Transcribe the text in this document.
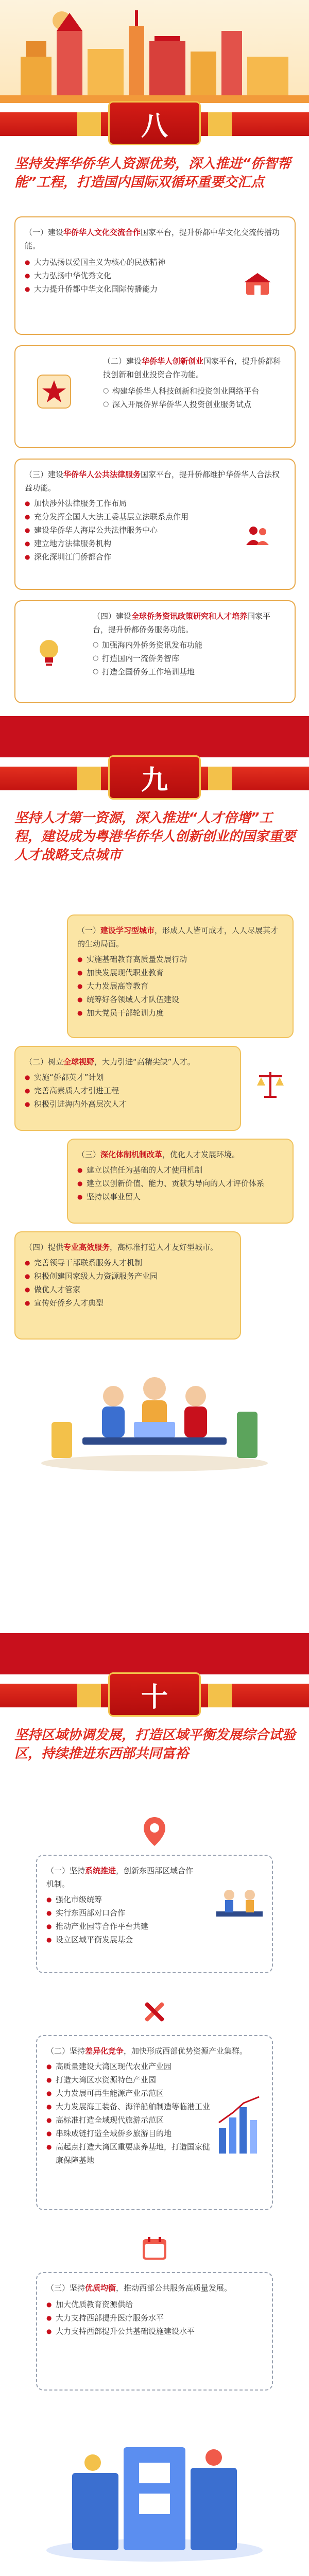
八
坚持发挥华侨华人资源优势，深入推进“侨智帮能”工程，打造国内国际双循环重要交汇点

（一）建设华侨华人文化交流合作国家平台，提升侨都中华文化交流传播功能。

● 大力弘扬以爱国主义为核心的民族精神
● 大力弘扬中华优秀文化
● 大力提升侨都中华文化国际传播能力

（二）建设华侨华人创新创业国家平台，提升侨都科技创新和创业投资合作功能。

○ 构建华侨华人科技创新和投资创业网络平台
○ 深入开展侨界华侨华人投资创业服务试点

（三）建设华侨华人公共法律服务国家平台，提升侨都维护华侨华人合法权益功能。

● 加快涉外法律服务工作布局
● 充分发挥全国人大法工委基层立法联系点作用
● 建设华侨华人海岸公共法律服务中心
● 建立地方法律服务机构
● 深化深圳江门侨都合作

（四）建设全球侨务资讯政策研究和人才培养国家平台，提升侨都侨务服务功能。

○ 加强海内外侨务资讯发布功能
○ 打造国内一流侨务智库
○ 打造全国侨务工作培训基地
九
坚持人才第一资源，深入推进“人才倍增”工程，建设成为粤港华侨华人创新创业的国家重要人才战略支点城市

（一）建设学习型城市，形成人人皆可成才，人人尽展其才的生动局面。

● 实施基础教育高质量发展行动
● 加快发展现代职业教育
● 大力发展高等教育
● 统筹好各领域人才队伍建设
● 加大党员干部轮训力度

（二）树立全球视野，大力引进“高精尖缺”人才。

● 实施“侨都英才”计划
● 完善高素质人才引进工程
● 积极引进海内外高层次人才

（三）深化体制机制改革，优化人才发展环境。

● 建立以信任为基础的人才使用机制
● 建立以创新价值、能力、贡献为导向的人才评价体系
● 坚持以事业留人

（四）提供专业高效服务，高标准打造人才友好型城市。

● 完善领导干部联系服务人才机制
● 积极创建国家级人力资源服务产业园
● 做优人才管家
● 宣传好侨乡人才典型
十
坚持区域协调发展，打造区域平衡发展综合试验区，持续推进东西部共同富裕

（一）坚持系统推进，创新东西部区域合作机制。

● 强化市级统筹
● 实行东西部对口合作
● 推动产业园等合作平台共建
● 设立区域平衡发展基金

（二）坚持差异化竞争，加快形成西部优势资源产业集群。

● 高质量建设大湾区现代农业产业园
● 打造大湾区水资源特色产业园
● 大力发展可再生能源产业示范区
● 大力发展海工装备、海洋船舶制造等临港工业
● 高标准打造全域现代旅游示范区
● 串珠成链打造全域侨乡旅游目的地
● 高起点打造大湾区重要康养基地，打造国家健康保障基地

（三）坚持优质均衡，推动西部公共服务高质量发展。

● 加大优质教育资源供给
● 大力支持西部提升医疗服务水平
● 大力支持西部提升公共基础设施建设水平
